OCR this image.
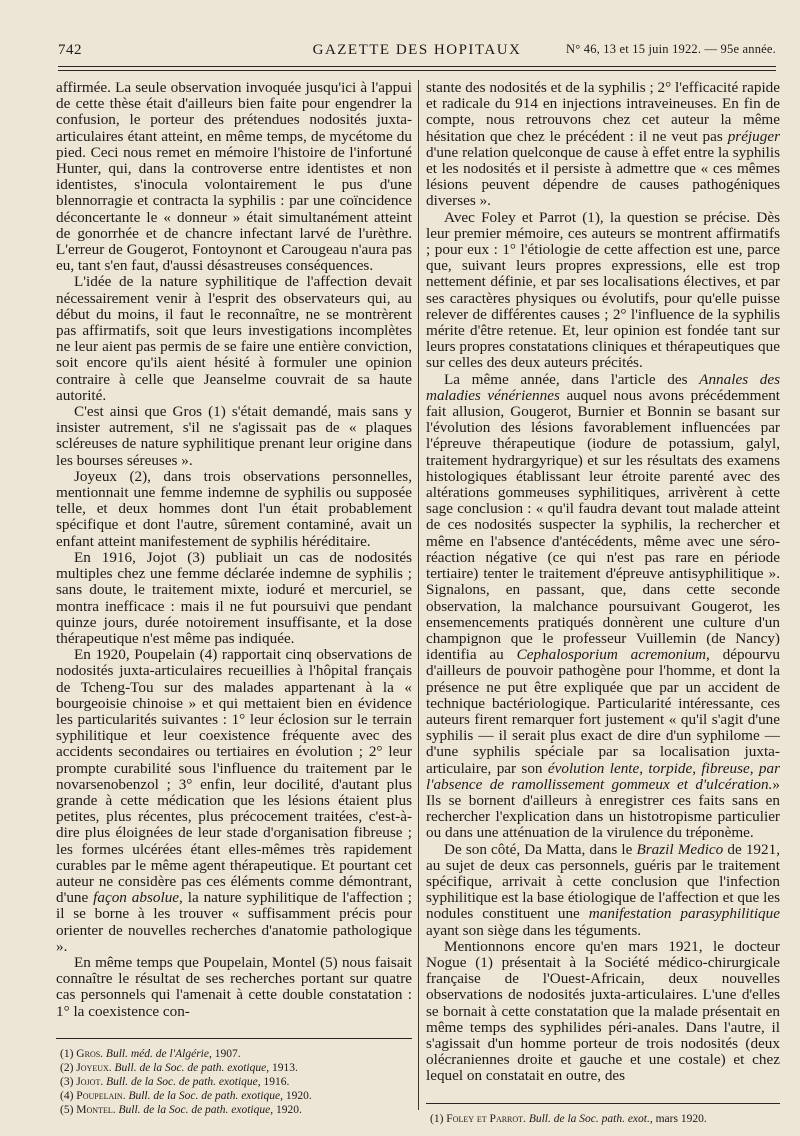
742	GAZETTE DES HOPITAUX	N° 46, 13 et 15 juin 1922. — 95e année.

affirmée. La seule observation invoquée jusqu'ici à l'appui de cette thèse était d'ailleurs bien faite pour engendrer la confusion, le porteur des prétendues nodosités juxta-articulaires étant atteint, en même temps, de mycétome du pied. Ceci nous remet en mémoire l'histoire de l'infortuné Hunter, qui, dans la controverse entre identistes et non identistes, s'inocula volontairement le pus d'une blennorragie et contracta la syphilis : par une coïncidence déconcertante le « donneur » était simultanément atteint de gonorrhée et de chancre infectant larvé de l'urèthre. L'erreur de Gougerot, Fontoynont et Carougeau n'aura pas eu, tant s'en faut, d'aussi désastreuses conséquences.

L'idée de la nature syphilitique de l'affection devait nécessairement venir à l'esprit des observateurs qui, au début du moins, il faut le reconnaître, ne se montrèrent pas affirmatifs, soit que leurs investigations incomplètes ne leur aient pas permis de se faire une entière conviction, soit encore qu'ils aient hésité à formuler une opinion contraire à celle que Jeanselme couvrait de sa haute autorité.

C'est ainsi que Gros (1) s'était demandé, mais sans y insister autrement, s'il ne s'agissait pas de « plaques scléreuses de nature syphilitique prenant leur origine dans les bourses séreuses ».

Joyeux (2), dans trois observations personnelles, mentionnait une femme indemne de syphilis ou supposée telle, et deux hommes dont l'un était probablement spécifique et dont l'autre, sûrement contaminé, avait un enfant atteint manifestement de syphilis héréditaire.

En 1916, Jojot (3) publiait un cas de nodosités multiples chez une femme déclarée indemne de syphilis ; sans doute, le traitement mixte, ioduré et mercuriel, se montra inefficace : mais il ne fut poursuivi que pendant quinze jours, durée notoirement insuffisante, et la dose thérapeutique n'est même pas indiquée.

En 1920, Poupelain (4) rapportait cinq observations de nodosités juxta-articulaires recueillies à l'hôpital français de Tcheng-Tou sur des malades appartenant à la « bourgeoisie chinoise » et qui mettaient bien en évidence les particularités suivantes : 1° leur éclosion sur le terrain syphilitique et leur coexistence fréquente avec des accidents secondaires ou tertiaires en évolution ; 2° leur prompte curabilité sous l'influence du traitement par le novarsenobenzol ; 3° enfin, leur docilité, d'autant plus grande à cette médication que les lésions étaient plus petites, plus récentes, plus précocement traitées, c'est-à-dire plus éloignées de leur stade d'organisation fibreuse ; les formes ulcérées étant elles-mêmes très rapidement curables par le même agent thérapeutique. Et pourtant cet auteur ne considère pas ces éléments comme démontrant, d'une façon absolue, la nature syphilitique de l'affection ; il se borne à les trouver « suffisamment précis pour orienter de nouvelles recherches d'anatomie pathologique ».

En même temps que Poupelain, Montel (5) nous faisait connaître le résultat de ses recherches portant sur quatre cas personnels qui l'amenait à cette double constatation : 1° la coexistence con-

(1) Gros. Bull. méd. de l'Algérie, 1907.

(2) Joyeux. Bull. de la Soc. de path. exotique, 1913.

(3) Jojot. Bull. de la Soc. de path. exotique, 1916.

(4) Poupelain. Bull. de la Soc. de path. exotique, 1920.

(5) Montel. Bull. de la Soc. de path. exotique, 1920.

stante des nodosités et de la syphilis ; 2° l'efficacité rapide et radicale du 914 en injections intraveineuses. En fin de compte, nous retrouvons chez cet auteur la même hésitation que chez le précédent : il ne veut pas préjuger d'une relation quelconque de cause à effet entre la syphilis et les nodosités et il persiste à admettre que « ces mêmes lésions peuvent dépendre de causes pathogéniques diverses ».

Avec Foley et Parrot (1), la question se précise. Dès leur premier mémoire, ces auteurs se montrent affirmatifs ; pour eux : 1° l'étiologie de cette affection est une, parce que, suivant leurs propres expressions, elle est trop nettement définie, et par ses localisations électives, et par ses caractères physiques ou évolutifs, pour qu'elle puisse relever de différentes causes ; 2° l'influence de la syphilis mérite d'être retenue. Et, leur opinion est fondée tant sur leurs propres constatations cliniques et thérapeutiques que sur celles des deux auteurs précités.

La même année, dans l'article des Annales des maladies vénériennes auquel nous avons précédemment fait allusion, Gougerot, Burnier et Bonnin se basant sur l'évolution des lésions favorablement influencées par l'épreuve thérapeutique (iodure de potassium, galyl, traitement hydrargyrique) et sur les résultats des examens histologiques établissant leur étroite parenté avec des altérations gommeuses syphilitiques, arrivèrent à cette sage conclusion : « qu'il faudra devant tout malade atteint de ces nodosités suspecter la syphilis, la rechercher et même en l'absence d'antécédents, même avec une séro-réaction négative (ce qui n'est pas rare en période tertiaire) tenter le traitement d'épreuve antisyphilitique ». Signalons, en passant, que, dans cette seconde observation, la malchance poursuivant Gougerot, les ensemencements pratiqués donnèrent une culture d'un champignon que le professeur Vuillemin (de Nancy) identifia au Cephalosporium acremonium, dépourvu d'ailleurs de pouvoir pathogène pour l'homme, et dont la présence ne put être expliquée que par un accident de technique bactériologique. Particularité intéressante, ces auteurs firent remarquer fort justement « qu'il s'agit d'une syphilis — il serait plus exact de dire d'un syphilome — d'une syphilis spéciale par sa localisation juxta-articulaire, par son évolution lente, torpide, fibreuse, par l'absence de ramollissement gommeux et d'ulcération.» Ils se bornent d'ailleurs à enregistrer ces faits sans en rechercher l'explication dans un histotropisme particulier ou dans une atténuation de la virulence du tréponème.

De son côté, Da Matta, dans le Brazil Medico de 1921, au sujet de deux cas personnels, guéris par le traitement spécifique, arrivait à cette conclusion que l'infection syphilitique est la base étiologique de l'affection et que les nodules constituent une manifestation parasyphilitique ayant son siège dans les téguments.

Mentionnons encore qu'en mars 1921, le docteur Nogue (1) présentait à la Société médico-chirurgicale française de l'Ouest-Africain, deux nouvelles observations de nodosités juxta-articulaires. L'une d'elles se bornait à cette constatation que la malade présentait en même temps des syphilides péri-anales. Dans l'autre, il s'agissait d'un homme porteur de trois nodosités (deux olécraniennes droite et gauche et une costale) et chez lequel on constatait en outre, des

(1) Foley et Parrot. Bull. de la Soc. path. exot., mars 1920.
